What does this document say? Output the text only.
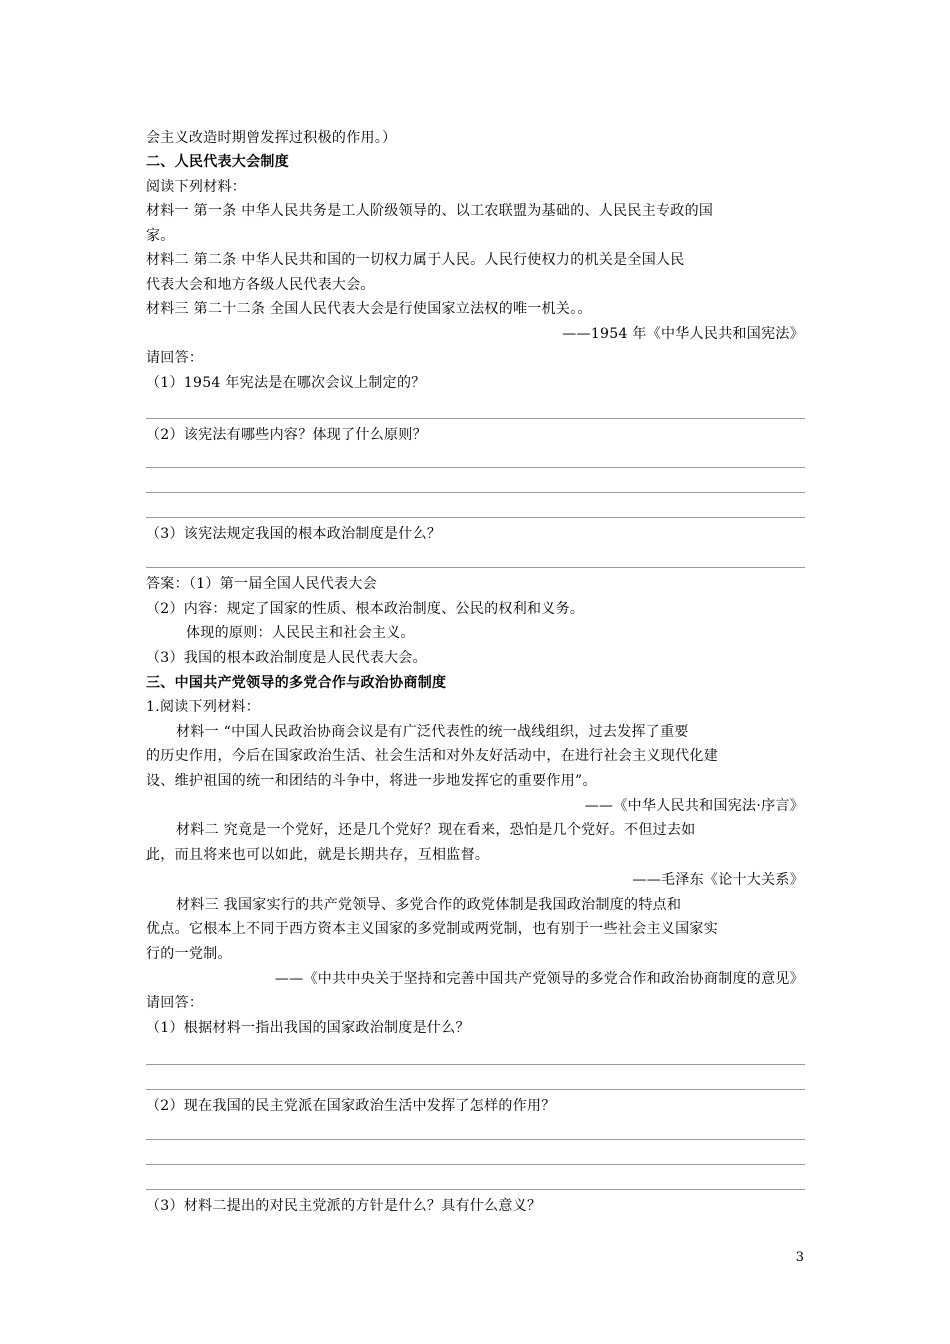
会主义改造时期曾发挥过积极的作用。）
二、人民代表大会制度
阅读下列材料：
材料一 第一条 中华人民共务是工人阶级领导的、以工农联盟为基础的、人民民主专政的国
家。
材料二 第二条 中华人民共和国的一切权力属于人民。人民行使权力的机关是全国人民
代表大会和地方各级人民代表大会。
材料三 第二十二条 全国人民代表大会是行使国家立法权的唯一机关。。
——1954 年《中华人民共和国宪法》
请回答：
（1）1954 年宪法是在哪次会议上制定的？
（2）该宪法有哪些内容？体现了什么原则？
（3）该宪法规定我国的根本政治制度是什么？
答案：（1）第一届全国人民代表大会
（2）内容：规定了国家的性质、根本政治制度、公民的权利和义务。
体现的原则：人民民主和社会主义。
（3）我国的根本政治制度是人民代表大会。
三、中国共产党领导的多党合作与政治协商制度
1.阅读下列材料：
材料一 “中国人民政治协商会议是有广泛代表性的统一战线组织，过去发挥了重要
的历史作用，今后在国家政治生活、社会生活和对外友好活动中，在进行社会主义现代化建
设、维护祖国的统一和团结的斗争中，将进一步地发挥它的重要作用”。
——《中华人民共和国宪法·序言》
材料二 究竟是一个党好，还是几个党好？现在看来，恐怕是几个党好。不但过去如
此，而且将来也可以如此，就是长期共存，互相监督。
——毛泽东《论十大关系》
材料三 我国家实行的共产党领导、多党合作的政党体制是我国政治制度的特点和
优点。它根本上不同于西方资本主义国家的多党制或两党制，也有别于一些社会主义国家实
行的一党制。
——《中共中央关于坚持和完善中国共产党领导的多党合作和政治协商制度的意见》
请回答：
（1）根据材料一指出我国的国家政治制度是什么？
（2）现在我国的民主党派在国家政治生活中发挥了怎样的作用？
（3）材料二提出的对民主党派的方针是什么？具有什么意义？
3
